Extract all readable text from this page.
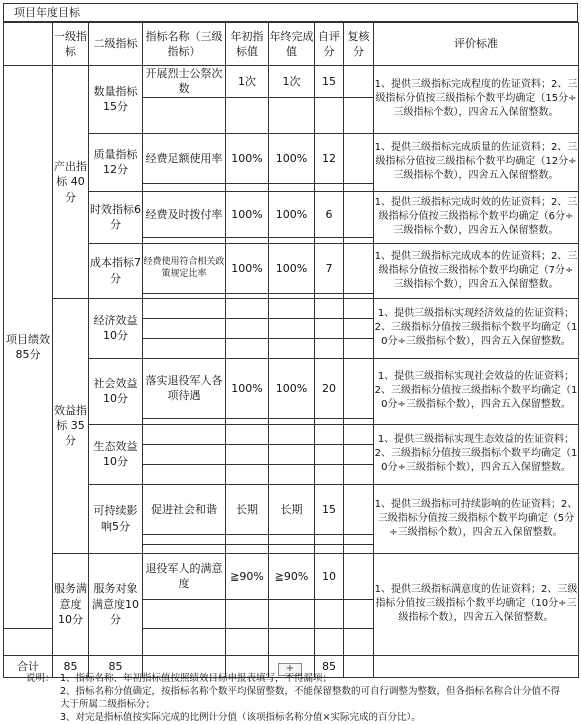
项目年度目标
	一级指标	二级指标	指标名称（三级指标）	年初指标值	年终完成值	自评分	复核分	评价标准
项目绩效85分	产出指标 40 分	数量指标15分	开展烈士公祭次数	1次	1次	15		1、提供三级指标完成程度的佐证资料；2、三级指标分值按三级指标个数平均确定（15分÷三级指标个数），四舍五入保留整数。

		质量指标12分	经费足额使用率	100%	100%	12		1、提供三级指标完成质量的佐证资料；2、三级指标分值按三级指标个数平均确定（12分÷三级指标个数），四舍五入保留整数。

		时效指标6分	经费及时拨付率	100%	100%	6		1、提供三级指标完成时效的佐证资料；2、三级指标分值按三级指标个数平均确定（6分÷三级指标个数），四舍五入保留整数。

		成本指标7分	经费使用符合相关政策规定比率	100%	100%	7		1、提供三级指标完成成本的佐证资料；2、三级指标分值按三级指标个数平均确定（7分÷三级指标个数），四舍五入保留整数。

	效益指标 35 分	经济效益10分						1、提供三级指标实现经济效益的佐证资料；2、三级指标分值按三级指标个数平均确定（10分÷三级指标个数），四舍五入保留整数。

		社会效益10分	落实退役军人各项待遇	100%	100%	20		1、提供三级指标实现社会效益的佐证资料；2、三级指标分值按三级指标个数平均确定（10分÷三级指标个数），四舍五入保留整数。

		生态效益10分						1、提供三级指标实现生态效益的佐证资料；2、三级指标分值按三级指标个数平均确定（10分÷三级指标个数），四舍五入保留整数。

		可持续影响5分	促进社会和谐	长期	长期	15		1、提供三级指标可持续影响的佐证资料；2、三级指标分值按三级指标个数平均确定（5分÷三级指标个数），四舍五入保留整数。

	服务满意度10分	服务对象满意度10分	退役军人的满意度	≧90%	≧90%	10		1、提供三级指标满意度的佐证资料；2、三级指标分值按三级指标个数平均确定（10分÷三级指标个数），四舍五入保留整数。

合计	85	85				85		
+
说明： 1、指标名称、年初指标值按照绩效目标申报表填写，不得漏项；
2、指标名称分值确定，按指标名称个数平均保留整数，不能保留整数的可自行调整为整数，但各指标名称合计分值不得大于所属二级指标分；
3、对完是指标值按实际完成的比例计分值（该项指标名称分值×实际完成的百分比）。
